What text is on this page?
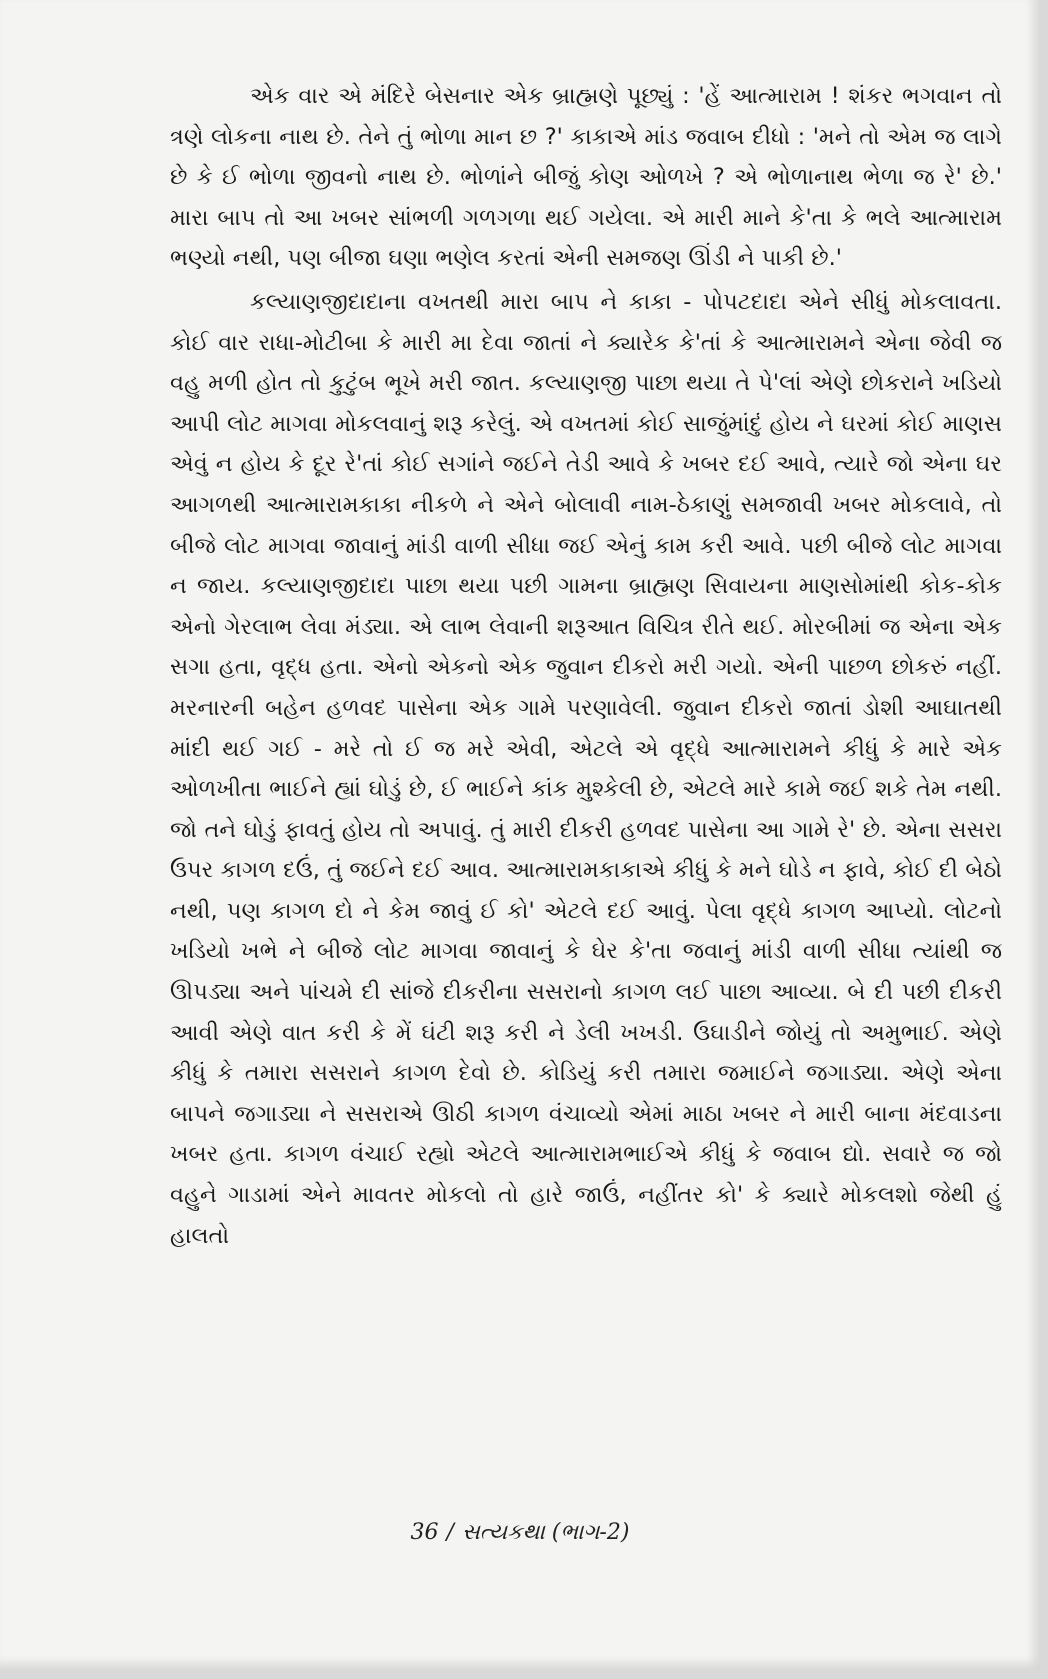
એક વાર એ મંદિરે બેસનાર એક બ્રાહ્મણે પૂછ્યું : 'હેં આત્મારામ ! શંકર ભગવાન તો ત્રણે લોકના નાથ છે. તેને તું ભોળા માન છ ?' કાકાએ માંડ જવાબ દીધો : 'મને તો એમ જ લાગે છે કે ઈ ભોળા જીવનો નાથ છે. ભોળાંને બીજું કોણ ઓળખે ? એ ભોળાનાથ ભેળા જ રે' છે.' મારા બાપ તો આ ખબર સાંભળી ગળગળા થઈ ગયેલા. એ મારી માને કે'તા કે ભલે આત્મારામ ભણ્યો નથી, પણ બીજા ઘણા ભણેલ કરતાં એની સમજણ ઊંડી ને પાકી છે.'

કલ્યાણજીદાદાના વખતથી મારા બાપ ને કાકા - પોપટદાદા એને સીધું મોકલાવતા. કોઈ વાર રાધા-મોટીબા કે મારી મા દેવા જાતાં ને ક્યારેક કે'તાં કે આત્મારામને એના જેવી જ વહુ મળી હોત તો કુટુંબ ભૂખે મરી જાત. કલ્યાણજી પાછા થયા તે પે'લાં એણે છોકરાને ખડિયો આપી લોટ માગવા મોકલવાનું શરૂ કરેલું. એ વખતમાં કોઈ સાજુંમાંદું હોય ને ઘરમાં કોઈ માણસ એવું ન હોય કે દૂર રે'તાં કોઈ સગાંને જઈને તેડી આવે કે ખબર દઈ આવે, ત્યારે જો એના ઘર આગળથી આત્મારામકાકા નીકળે ને એને બોલાવી નામ-ઠેકાણું સમજાવી ખબર મોકલાવે, તો બીજે લોટ માગવા જાવાનું માંડી વાળી સીધા જઈ એનું કામ કરી આવે. પછી બીજે લોટ માગવા ન જાય. કલ્યાણજીદાદા પાછા થયા પછી ગામના બ્રાહ્મણ સિવાયના માણસોમાંથી કોક-કોક એનો ગેરલાભ લેવા મંડ્યા. એ લાભ લેવાની શરૂઆત વિચિત્ર રીતે થઈ. મોરબીમાં જ એના એક સગા હતા, વૃદ્ધ હતા. એનો એકનો એક જુવાન દીકરો મરી ગયો. એની પાછળ છોકરું નહીં. મરનારની બહેન હળવદ પાસેના એક ગામે પરણાવેલી. જુવાન દીકરો જાતાં ડોશી આઘાતથી માંદી થઈ ગઈ - મરે તો ઈ જ મરે એવી, એટલે એ વૃદ્ધે આત્મારામને કીધું કે મારે એક ઓળખીતા ભાઈને હ્યાં ઘોડું છે, ઈ ભાઈને કાંક મુશ્કેલી છે, એટલે મારે કામે જઈ શકે તેમ નથી. જો તને ઘોડું ફાવતું હોય તો અપાવું. તું મારી દીકરી હળવદ પાસેના આ ગામે રે' છે. એના સસરા ઉપર કાગળ દઉં, તું જઈને દઈ આવ. આત્મારામકાકાએ કીધું કે મને ઘોડે ન ફાવે, કોઈ દી બેઠો નથી, પણ કાગળ દો ને કેમ જાવું ઈ કો' એટલે દઈ આવું. પેલા વૃદ્ધે કાગળ આપ્યો. લોટનો ખડિયો ખભે ને બીજે લોટ માગવા જાવાનું કે ઘેર કે'તા જવાનું માંડી વાળી સીધા ત્યાંથી જ ઊપડ્યા અને પાંચમે દી સાંજે દીકરીના સસરાનો કાગળ લઈ પાછા આવ્યા. બે દી પછી દીકરી આવી એણે વાત કરી કે મેં ઘંટી શરૂ કરી ને ડેલી ખખડી. ઉઘાડીને જોયું તો અમુભાઈ. એણે કીધું કે તમારા સસરાને કાગળ દેવો છે. કોડિયું કરી તમારા જમાઈને જગાડ્યા. એણે એના બાપને જગાડ્યા ને સસરાએ ઊઠી કાગળ વંચાવ્યો એમાં માઠા ખબર ને મારી બાના મંદવાડના ખબર હતા. કાગળ વંચાઈ રહ્યો એટલે આત્મારામભાઈએ કીધું કે જવાબ દ્યો. સવારે જ જો વહુને ગાડામાં એને માવતર મોકલો તો હારે જાઉં, નહીંતર કો' કે ક્યારે મોકલશો જેથી હું હાલતો

36 / સત્યકથા (ભાગ-2)
